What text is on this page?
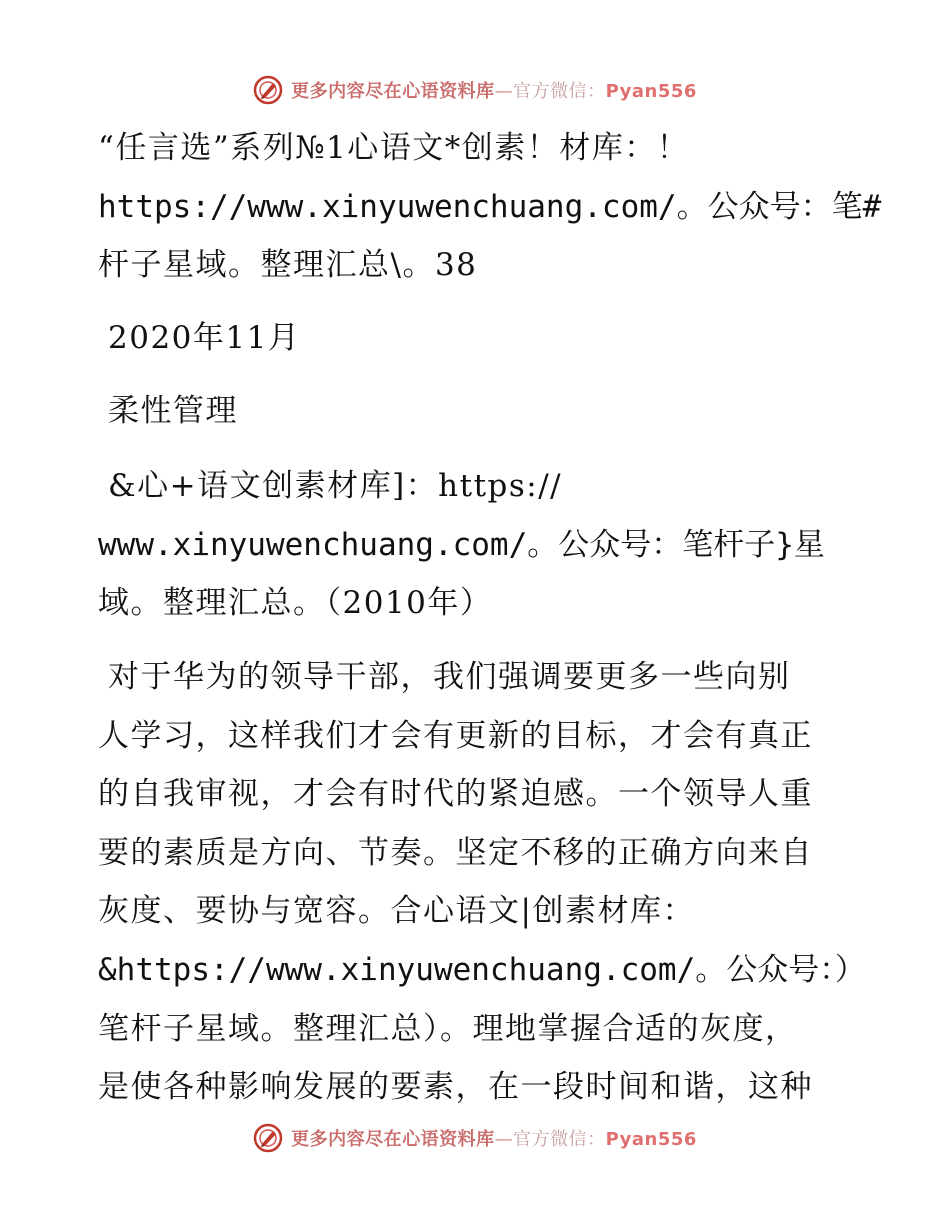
更多内容尽在心语资料库—官方微信：Pyan556
“任言选”系列№1心语文*创素！材库：！
https://www.xinyuwenchuang.com/。公众号：笔#
杆子星域。整理汇总\。38
2020年11月
柔性管理
&心+语文创素材库]：https://
www.xinyuwenchuang.com/。公众号：笔杆子}星
域。整理汇总。（2010年）
对于华为的领导干部，我们强调要更多一些向别
人学习，这样我们才会有更新的目标，才会有真正
的自我审视，才会有时代的紧迫感。一个领导人重
要的素质是方向、节奏。坚定不移的正确方向来自
灰度、要协与宽容。合心语文|创素材库：
&https://www.xinyuwenchuang.com/。公众号：）
笔杆子星域。整理汇总）。理地掌握合适的灰度，
是使各种影响发展的要素，在一段时间和谐，这种
更多内容尽在心语资料库—官方微信：Pyan556
